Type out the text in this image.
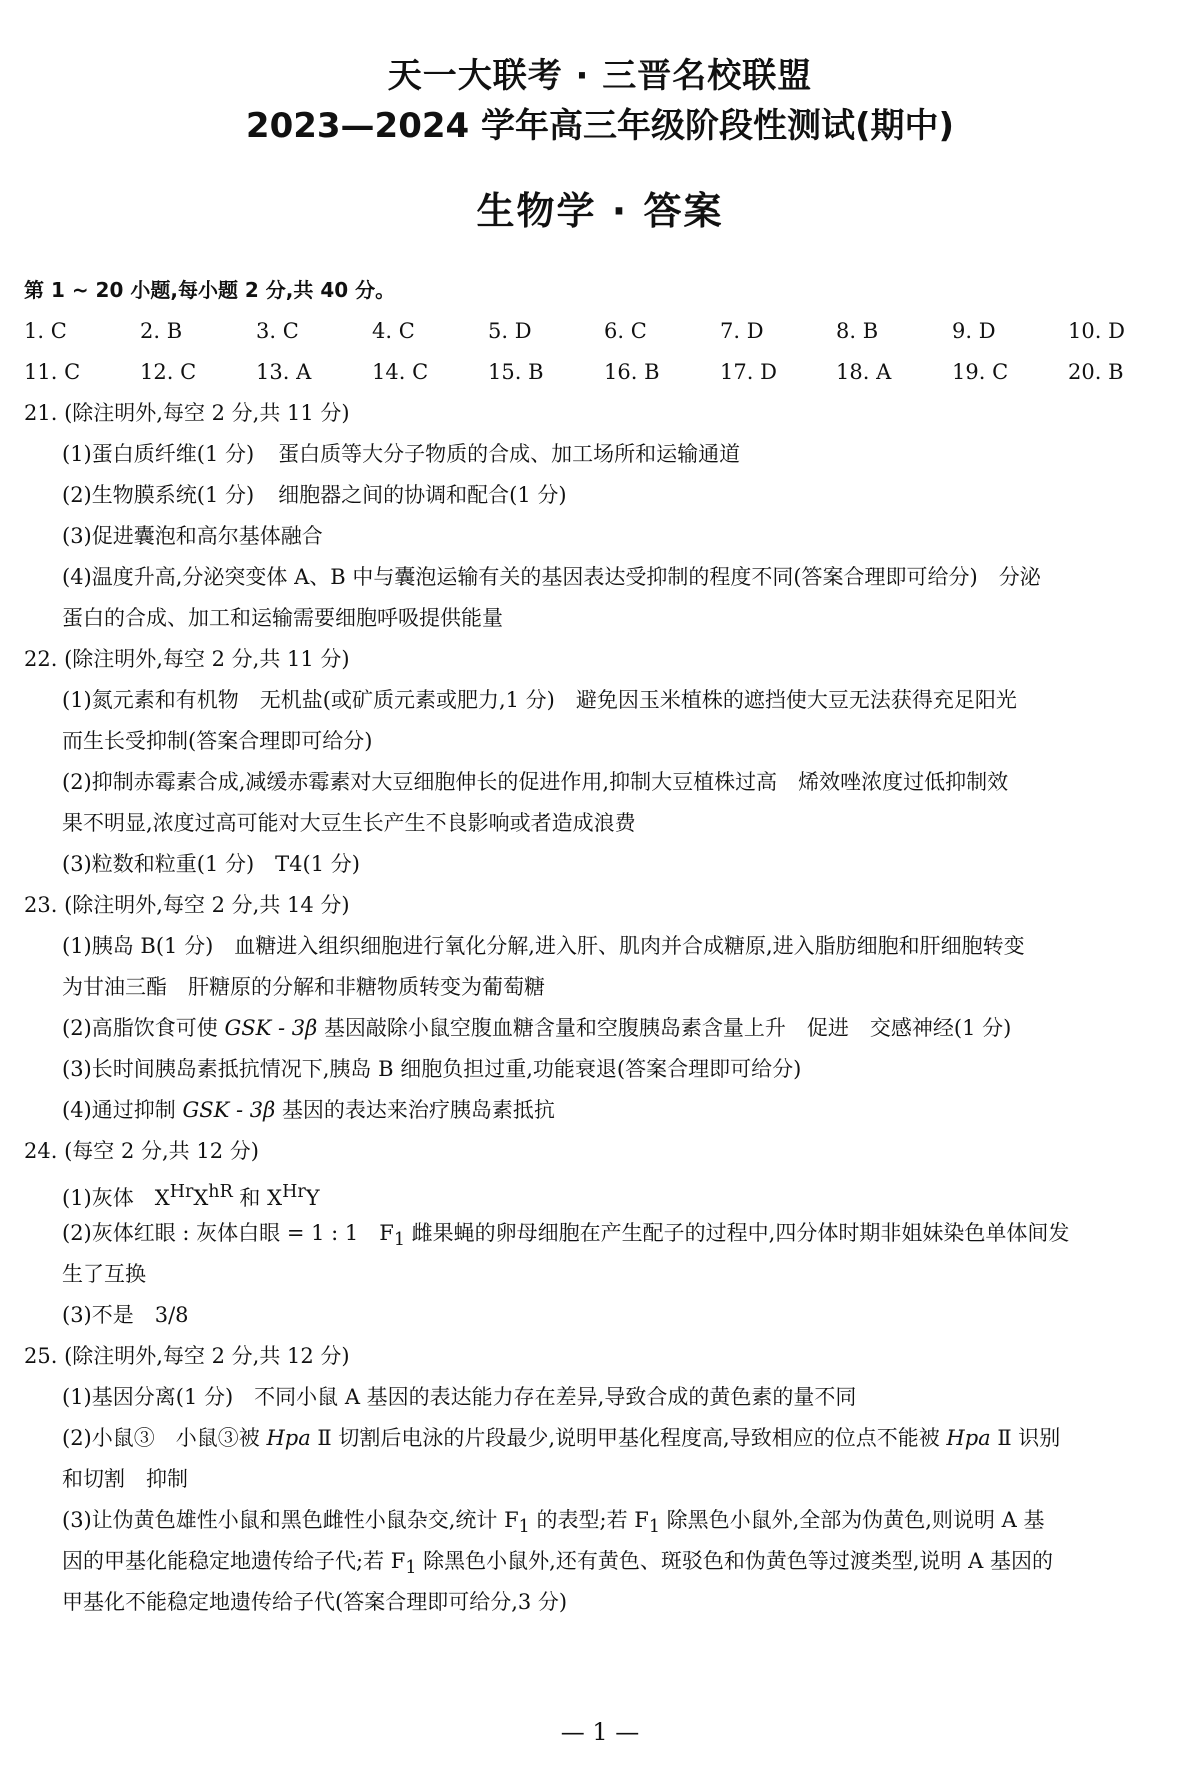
天一大联考 · 三晋名校联盟
2023—2024 学年高三年级阶段性测试(期中)
生物学 · 答案
第 1 ~ 20 小题,每小题 2 分,共 40 分。
1. C	2. B	3. C	4. C	5. D	6. C	7. D	8. B	9. D	10. D
11. C	12. C	13. A	14. C	15. B	16. B	17. D	18. A	19. C	20. B
21. (除注明外,每空 2 分,共 11 分)
(1)蛋白质纤维(1 分) 蛋白质等大分子物质的合成、加工场所和运输通道
(2)生物膜系统(1 分) 细胞器之间的协调和配合(1 分)
(3)促进囊泡和高尔基体融合
(4)温度升高,分泌突变体 A、B 中与囊泡运输有关的基因表达受抑制的程度不同(答案合理即可给分)　分泌
蛋白的合成、加工和运输需要细胞呼吸提供能量
22. (除注明外,每空 2 分,共 11 分)
(1)氮元素和有机物　无机盐(或矿质元素或肥力,1 分)　避免因玉米植株的遮挡使大豆无法获得充足阳光
而生长受抑制(答案合理即可给分)
(2)抑制赤霉素合成,减缓赤霉素对大豆细胞伸长的促进作用,抑制大豆植株过高　烯效唑浓度过低抑制效
果不明显,浓度过高可能对大豆生长产生不良影响或者造成浪费
(3)粒数和粒重(1 分)　T4(1 分)
23. (除注明外,每空 2 分,共 14 分)
(1)胰岛 B(1 分)　血糖进入组织细胞进行氧化分解,进入肝、肌肉并合成糖原,进入脂肪细胞和肝细胞转变
为甘油三酯　肝糖原的分解和非糖物质转变为葡萄糖
(2)高脂饮食可使 GSK - 3β 基因敲除小鼠空腹血糖含量和空腹胰岛素含量上升　促进　交感神经(1 分)
(3)长时间胰岛素抵抗情况下,胰岛 B 细胞负担过重,功能衰退(答案合理即可给分)
(4)通过抑制 GSK - 3β 基因的表达来治疗胰岛素抵抗
24. (每空 2 分,共 12 分)
(1)灰体　$X^{Hr}X^{hR}$ 和 $X^{Hr}Y$
(2)灰体红眼 : 灰体白眼 = 1 : 1　$F_1$ 雌果蝇的卵母细胞在产生配子的过程中,四分体时期非姐妹染色单体间发
生了互换
(3)不是　3/8
25. (除注明外,每空 2 分,共 12 分)
(1)基因分离(1 分)　不同小鼠 A 基因的表达能力存在差异,导致合成的黄色素的量不同
(2)小鼠③　小鼠③被 Hpa Ⅱ 切割后电泳的片段最少,说明甲基化程度高,导致相应的位点不能被 Hpa Ⅱ 识别
和切割　抑制
(3)让伪黄色雄性小鼠和黑色雌性小鼠杂交,统计 $F_1$ 的表型;若 $F_1$ 除黑色小鼠外,全部为伪黄色,则说明 A 基
因的甲基化能稳定地遗传给子代;若 $F_1$ 除黑色小鼠外,还有黄色、斑驳色和伪黄色等过渡类型,说明 A 基因的
甲基化不能稳定地遗传给子代(答案合理即可给分,3 分)
— 1 —
